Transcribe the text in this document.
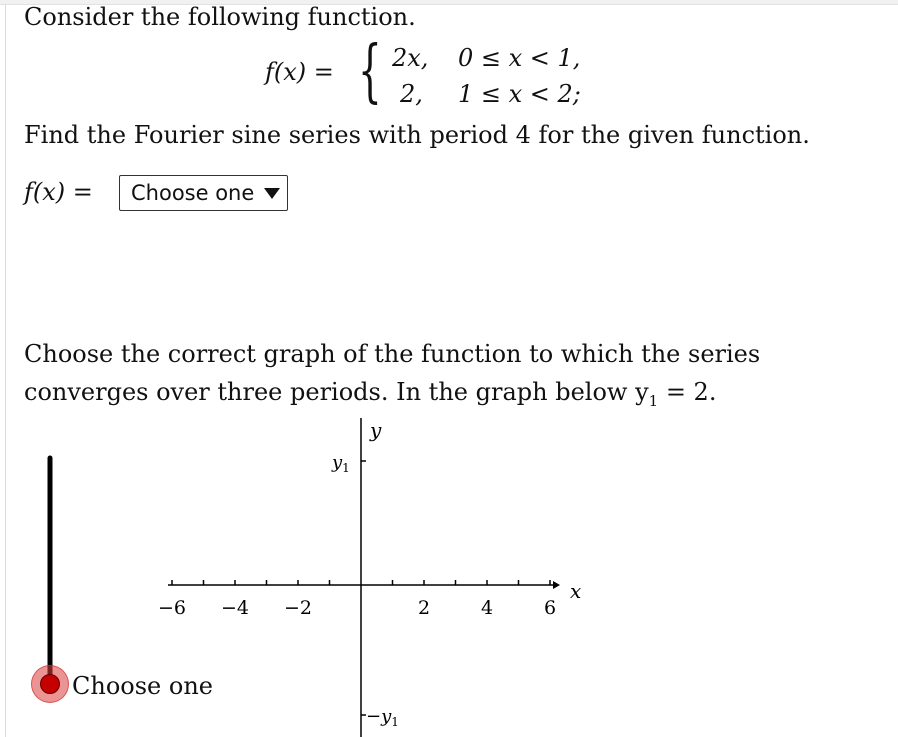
Consider the following function.
f(x) = { 2x, 0 ≤ x < 1,
2, 1 ≤ x < 2;
Find the Fourier sine series with period 4 for the given function.
f(x) = Choose one
Choose the correct graph of the function to which the series
converges over three periods. In the graph below $y_1 = 2$.
−6 −4 −2	2	4	6
x
y
$y_1$
$-y_1$
Choose one
